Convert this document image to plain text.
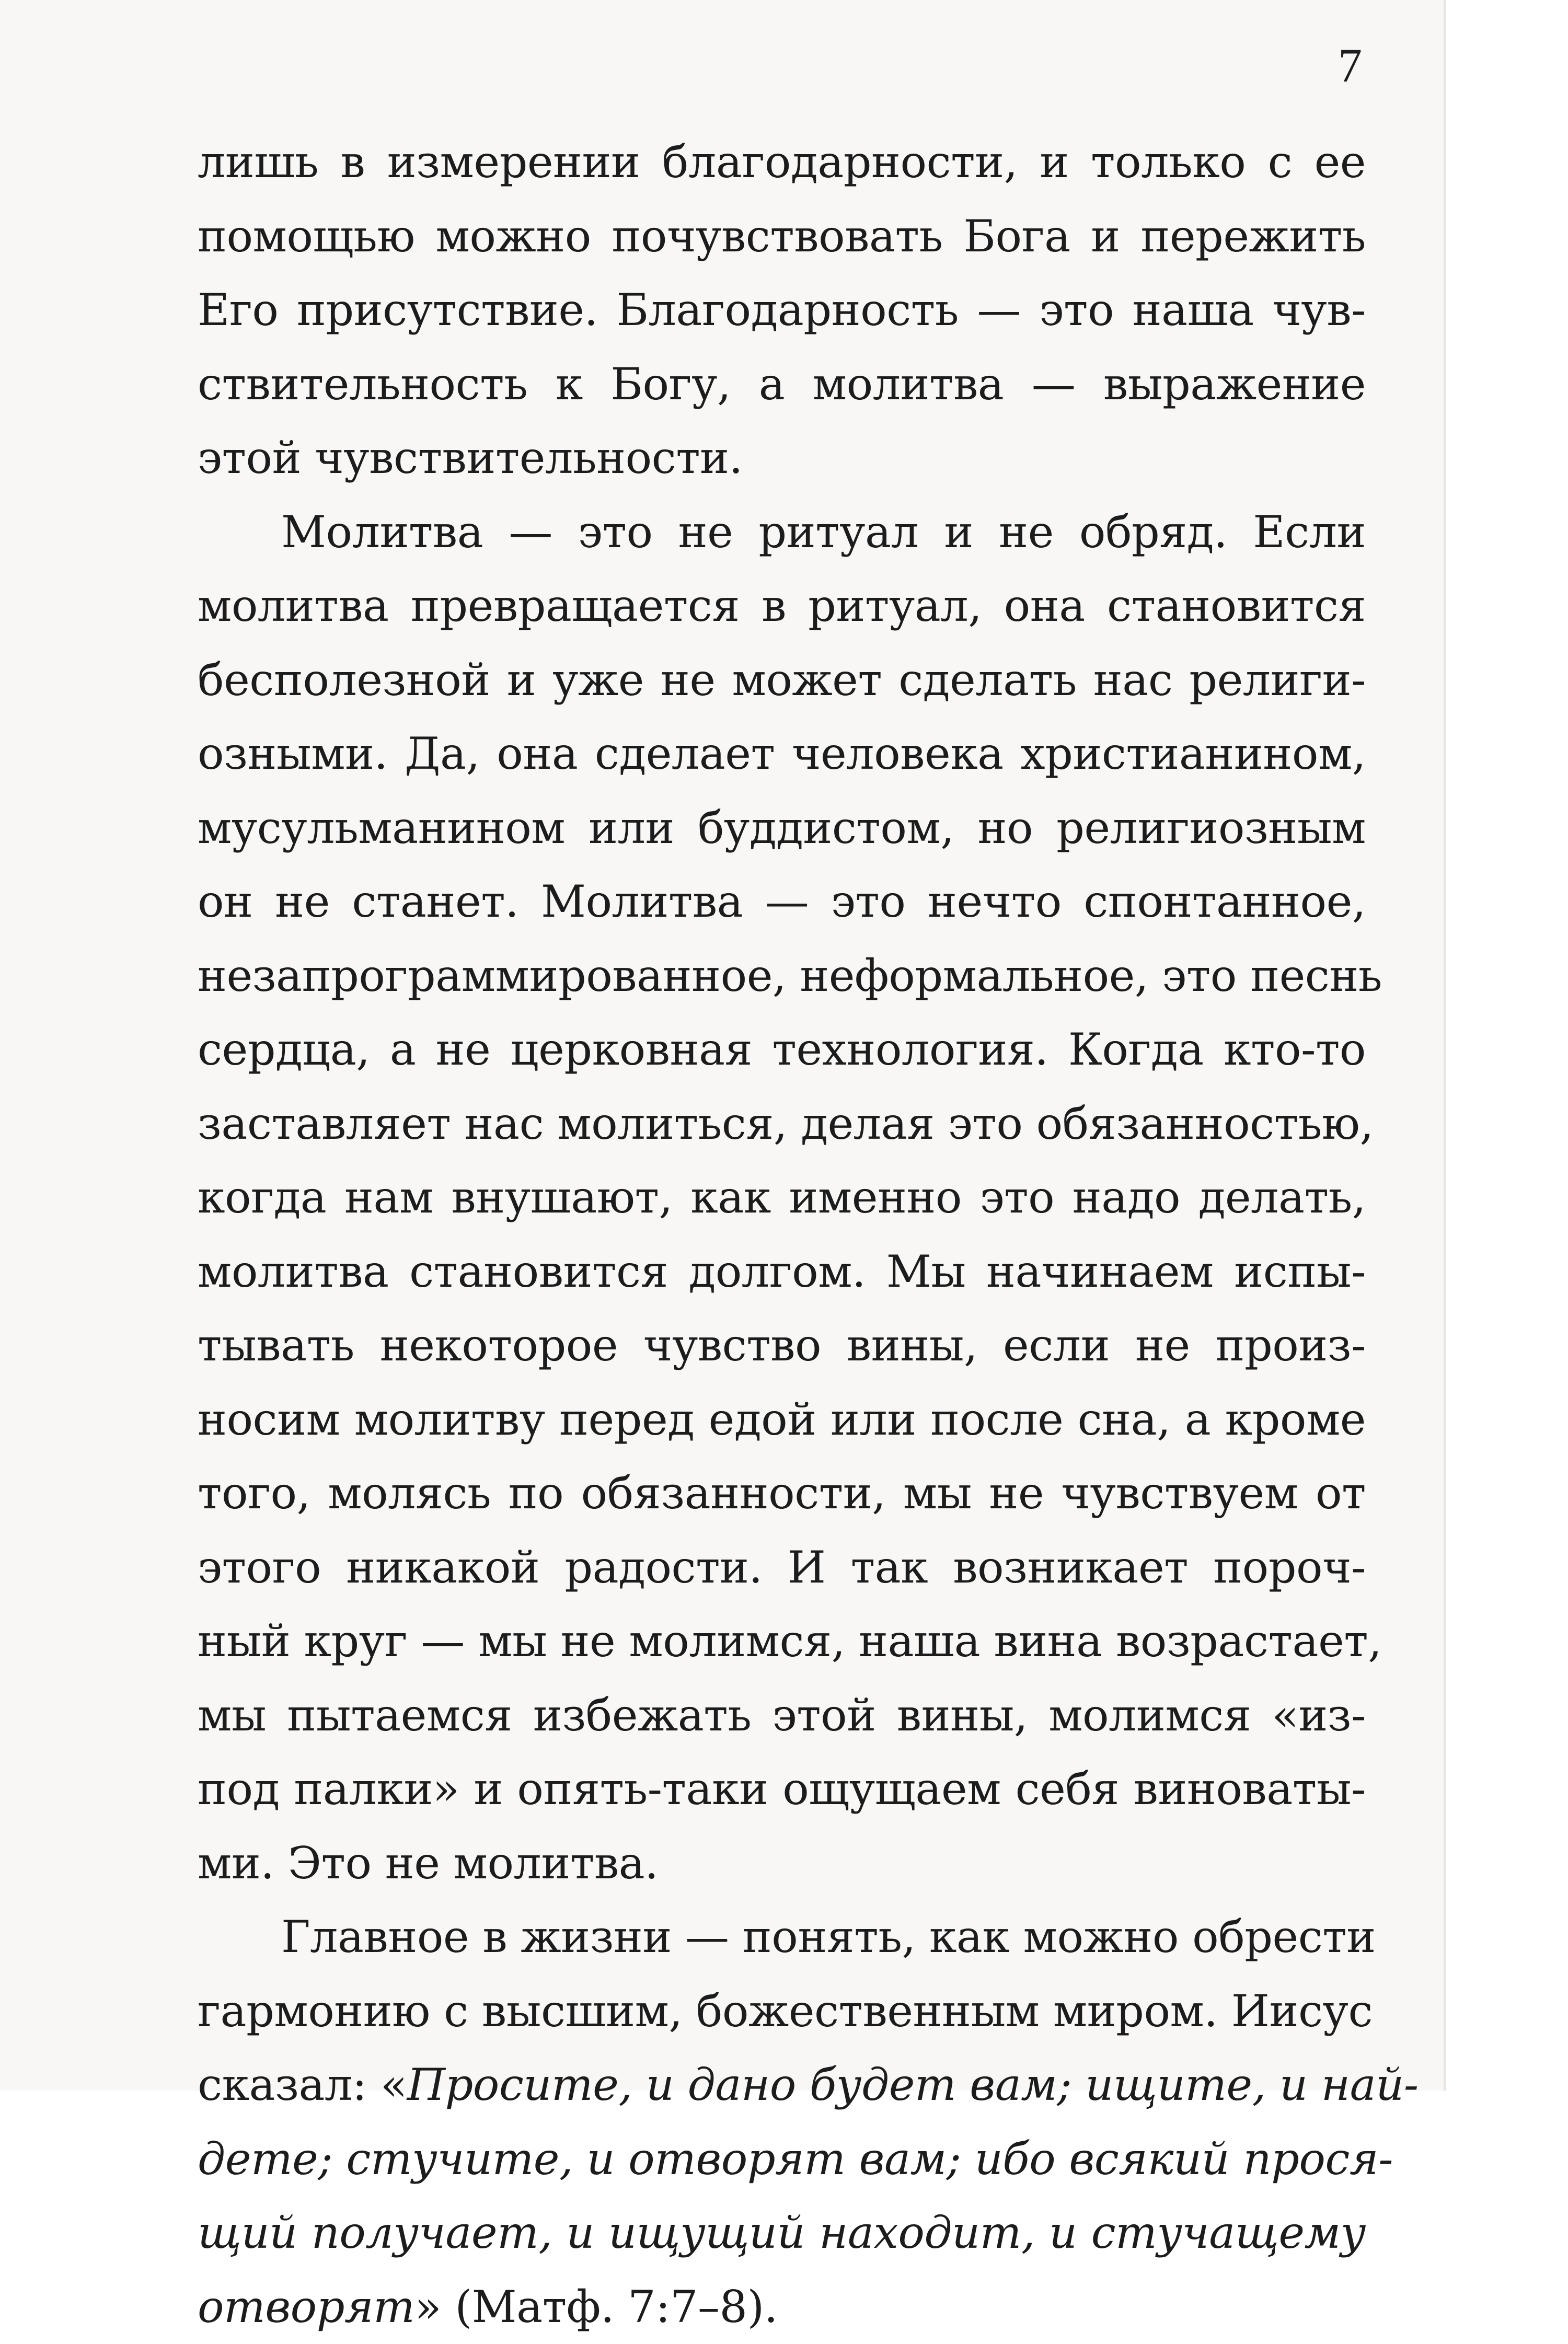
7
лишь в измерении благодарности, и только с ее
помощью можно почувствовать Бога и пережить
Его присутствие. Благодарность — это наша чув-
ствительность к Богу, а молитва — выражение
этой чувствительности.
Молитва — это не ритуал и не обряд. Если
молитва превращается в ритуал, она становится
бесполезной и уже не может сделать нас религи-
озными. Да, она сделает человека христианином,
мусульманином или буддистом, но религиозным
он не станет. Молитва — это нечто спонтанное,
незапрограммированное, неформальное, это песнь
сердца, а не церковная технология. Когда кто-то
заставляет нас молиться, делая это обязанностью,
когда нам внушают, как именно это надо делать,
молитва становится долгом. Мы начинаем испы-
тывать некоторое чувство вины, если не произ-
носим молитву перед едой или после сна, а кроме
того, молясь по обязанности, мы не чувствуем от
этого никакой радости. И так возникает пороч-
ный круг — мы не молимся, наша вина возрастает,
мы пытаемся избежать этой вины, молимся «из-
под палки» и опять-таки ощущаем себя виноваты-
ми. Это не молитва.
Главное в жизни — понять, как можно обрести
гармонию с высшим, божественным миром. Иисус
сказал: «Просите, и дано будет вам; ищите, и най-
дете; стучите, и отворят вам; ибо всякий прося-
щий получает, и ищущий находит, и стучащему
отворят» (Матф. 7:7–8).
